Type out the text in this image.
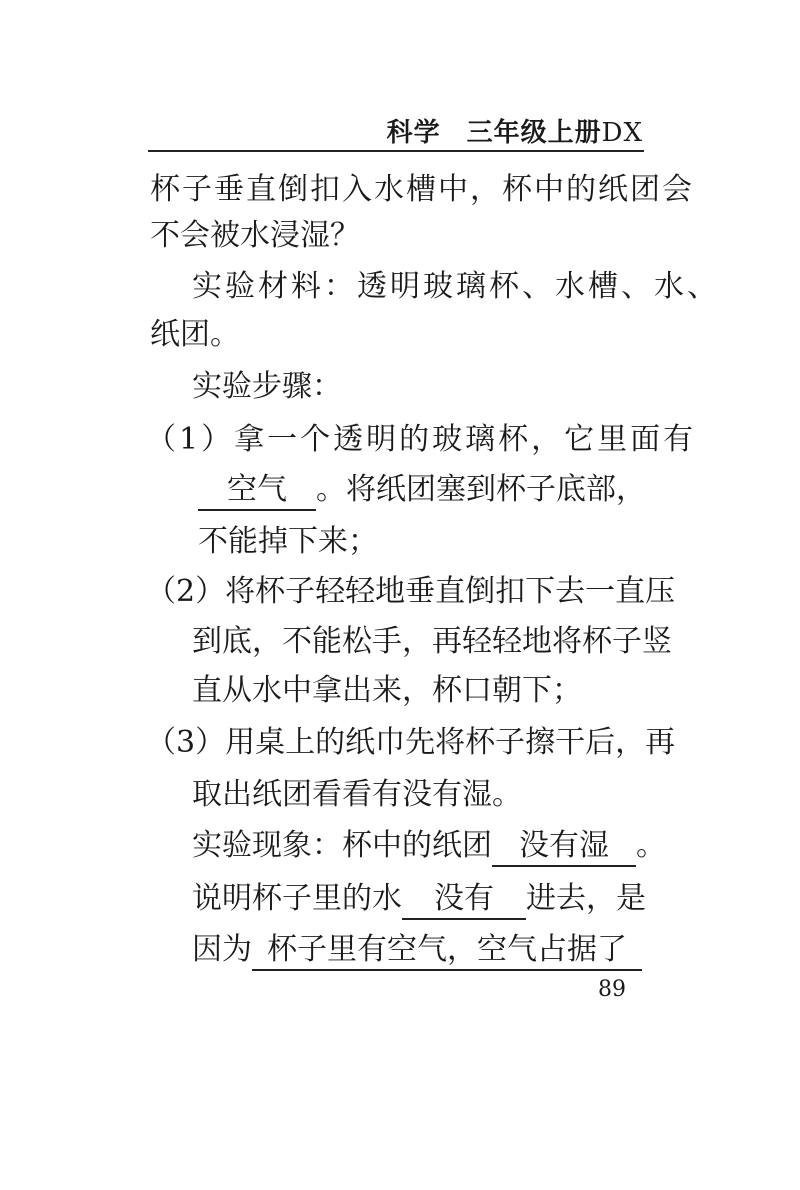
科学 三年级上册DX
杯子垂直倒扣入水槽中，杯中的纸团会
不会被水浸湿？
实验材料：透明玻璃杯、水槽、水、
纸团。
实验步骤：
（1）拿一个透明的玻璃杯，它里面有
空气 。将纸团塞到杯子底部，
不能掉下来；
（2）将杯子轻轻地垂直倒扣下去一直压
到底，不能松手，再轻轻地将杯子竖
直从水中拿出来，杯口朝下；
（3）用桌上的纸巾先将杯子擦干后，再
取出纸团看看有没有湿。
实验现象：杯中的纸团 没有湿 。
说明杯子里的水 没有 进去，是
因为 杯子里有空气，空气占据了
89
